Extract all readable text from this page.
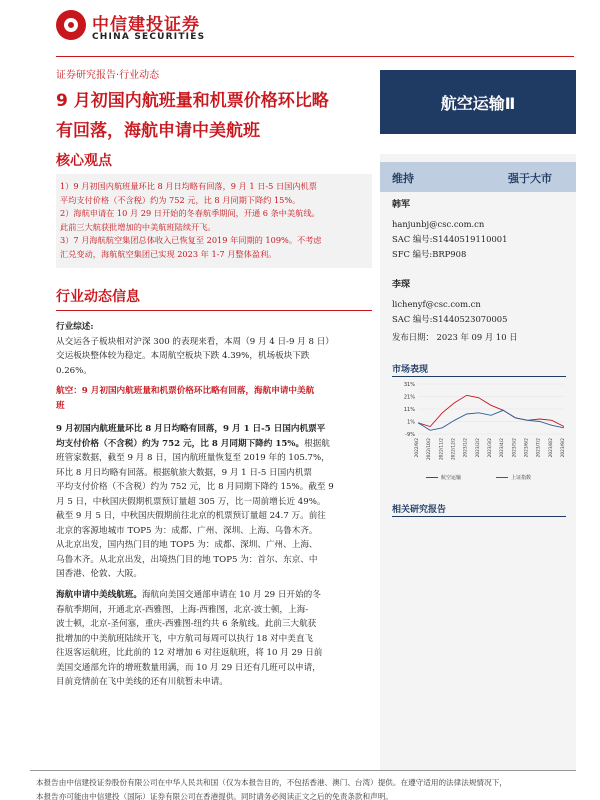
中信建投证券
CHINA SECURITIES
证券研究报告·行业动态
9 月初国内航班量和机票价格环比略
有回落，海航申请中美航班
航空运输Ⅱ
核心观点

1）9 月初国内航班量环比 8 月日均略有回落，9 月 1 日-5 日国内机票

平均支付价格（不含税）约为 752 元，比 8 月同期下降约 15%。

2）海航申请在 10 月 29 日开始的冬春航季期间，开通 6 条中美航线。

此前三大航获批增加的中美航班陆续开飞。

3）7 月海航航空集团总体收入已恢复至 2019 年同期的 109%。不考虑

汇兑变动，海航航空集团已实现 2023 年 1-7 月整体盈利。

行业动态信息
行业综述:
从交运各子板块相对沪深 300 的表现来看，本周（9 月 4 日-9 月 8 日）
交运板块整体较为稳定。本周航空板块下跌 4.39%，机场板块下跌
0.26%。
航空：9 月初国内航班量和机票价格环比略有回落，海航申请中美航
班
9 月初国内航班量环比 8 月日均略有回落，9 月 1 日-5 日国内机票平
均支付价格（不含税）约为 752 元，比 8 月同期下降约 15%。根据航
班管家数据，截至 9 月 8 日，国内航班量恢复至 2019 年的 105.7%，
环比 8 月日均略有回落。根据航旅大数据，9 月 1 日-5 日国内机票
平均支付价格（不含税）约为 752 元，比 8 月同期下降约 15%。截至 9
月 5 日，中秋国庆假期机票预订量超 305 万，比一周前增长近 49%。
截至 9 月 5 日，中秋国庆假期前往北京的机票预订量超 24.7 万。前往
北京的客源地城市 TOP5 为：成都、广州、深圳、上海、乌鲁木齐。
从北京出发，国内热门目的地 TOP5 为：成都、深圳、广州、上海、
乌鲁木齐。从北京出发，出境热门目的地 TOP5 为：首尔、东京、中
国香港、伦敦、大阪。
海航申请中美线航班。海航向美国交通部申请在 10 月 29 日开始的冬
春航季期间，开通北京-西雅图，上海-西雅图，北京-波士顿，上海-
波士顿，北京-圣何塞，重庆-西雅图-纽约共 6 条航线。此前三大航获
批增加的中美航班陆续开飞，中方航司每周可以执行 18 对中美直飞
往返客运航班，比此前的 12 对增加 6 对往返航班，将 10 月 29 日前
美国交通部允许的增班数量用满，而 10 月 29 日还有几班可以申请，
目前竞情前在飞中美线的还有川航暂未申请。
维持	强于大市
韩军
hanjunbj@csc.com.cn
SAC 编号:S1440519110001
SFC 编号:BRP908
李琛
lichenyf@csc.com.cn
SAC 编号:S1440523070005
发布日期： 2023 年 09 月 10 日
市场表现
31%
21%
11%
1%
-9%
2022/9/2 2022/10/2 2022/11/2 2022/12/2 2023/1/2 2023/2/2 2023/3/2 2023/4/2 2023/5/2 2023/6/2 2023/7/2 2023/8/2 2023/9/2
航空运输	上证指数
相关研究报告
本报告由中信建投证券股份有限公司在中华人民共和国（仅为本报告目的，不包括香港、澳门、台湾）提供。在遵守适用的法律法规情况下，
本报告亦可能由中信建投（国际）证券有限公司在香港提供。同时请务必阅读正文之后的免责条款和声明。
